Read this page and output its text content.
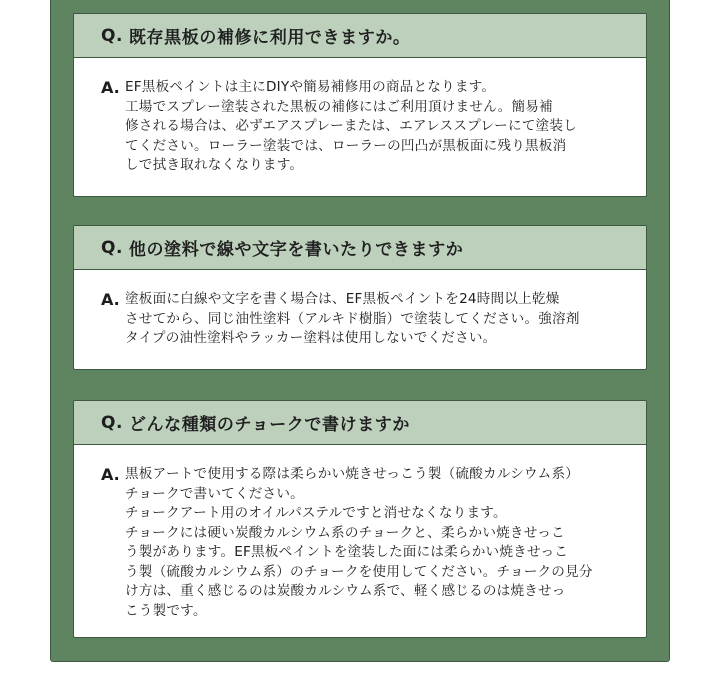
Q. 既存黒板の補修に利用できますか。
A. EF黒板ペイントは主にDIYや簡易補修用の商品となります。
工場でスプレー塗装された黒板の補修にはご利用頂けません。簡易補
修される場合は、必ずエアスプレーまたは、エアレススプレーにて塗装し
てください。ローラー塗装では、ローラーの凹凸が黒板面に残り黒板消
しで拭き取れなくなります。
Q. 他の塗料で線や文字を書いたりできますか
A. 塗板面に白線や文字を書く場合は、EF黒板ペイントを24時間以上乾燥
させてから、同じ油性塗料（アルキド樹脂）で塗装してください。強溶剤
タイプの油性塗料やラッカー塗料は使用しないでください。
Q. どんな種類のチョークで書けますか
A. 黒板アートで使用する際は柔らかい焼きせっこう製（硫酸カルシウム系）
チョークで書いてください。
チョークアート用のオイルパステルですと消せなくなります。
チョークには硬い炭酸カルシウム系のチョークと、柔らかい焼きせっこ
う製があります。EF黒板ペイントを塗装した面には柔らかい焼きせっこ
う製（硫酸カルシウム系）のチョークを使用してください。チョークの見分
け方は、重く感じるのは炭酸カルシウム系で、軽く感じるのは焼きせっ
こう製です。
